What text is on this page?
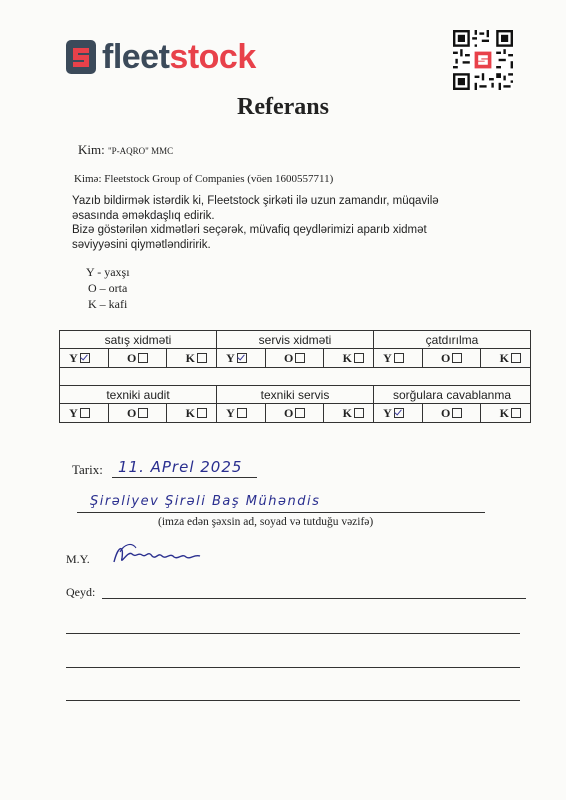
fleetstock
Referans
Kim: "P-AQRO" MMC
Kimə: Fleetstock Group of Companies (vöen 1600557711)
Yazıb bildirmək istərdik ki, Fleetstock şirkəti ilə uzun zamandır, müqavilə
əsasında əməkdaşlıq edirik.
Bizə göstərilən xidmətləri seçərək, müvafiq qeydlərimizi aparıb xidmət
səviyyəsini qiymətləndiririk.
Y - yaxşı
O – orta
K – kafi
satış xidməti	servis xidməti	çatdırılma

Y O K	Y O K	Y O K

texniki audit	texniki servis	sorğulara cavablanma

Y O K	Y O K	Y O K
Tarix: 11. APrel 2025
Şirəliyev Şirəli Baş Mühəndis
(imza edən şəxsin ad, soyad və tutduğu vəzifə)
M.Y.
Qeyd:
